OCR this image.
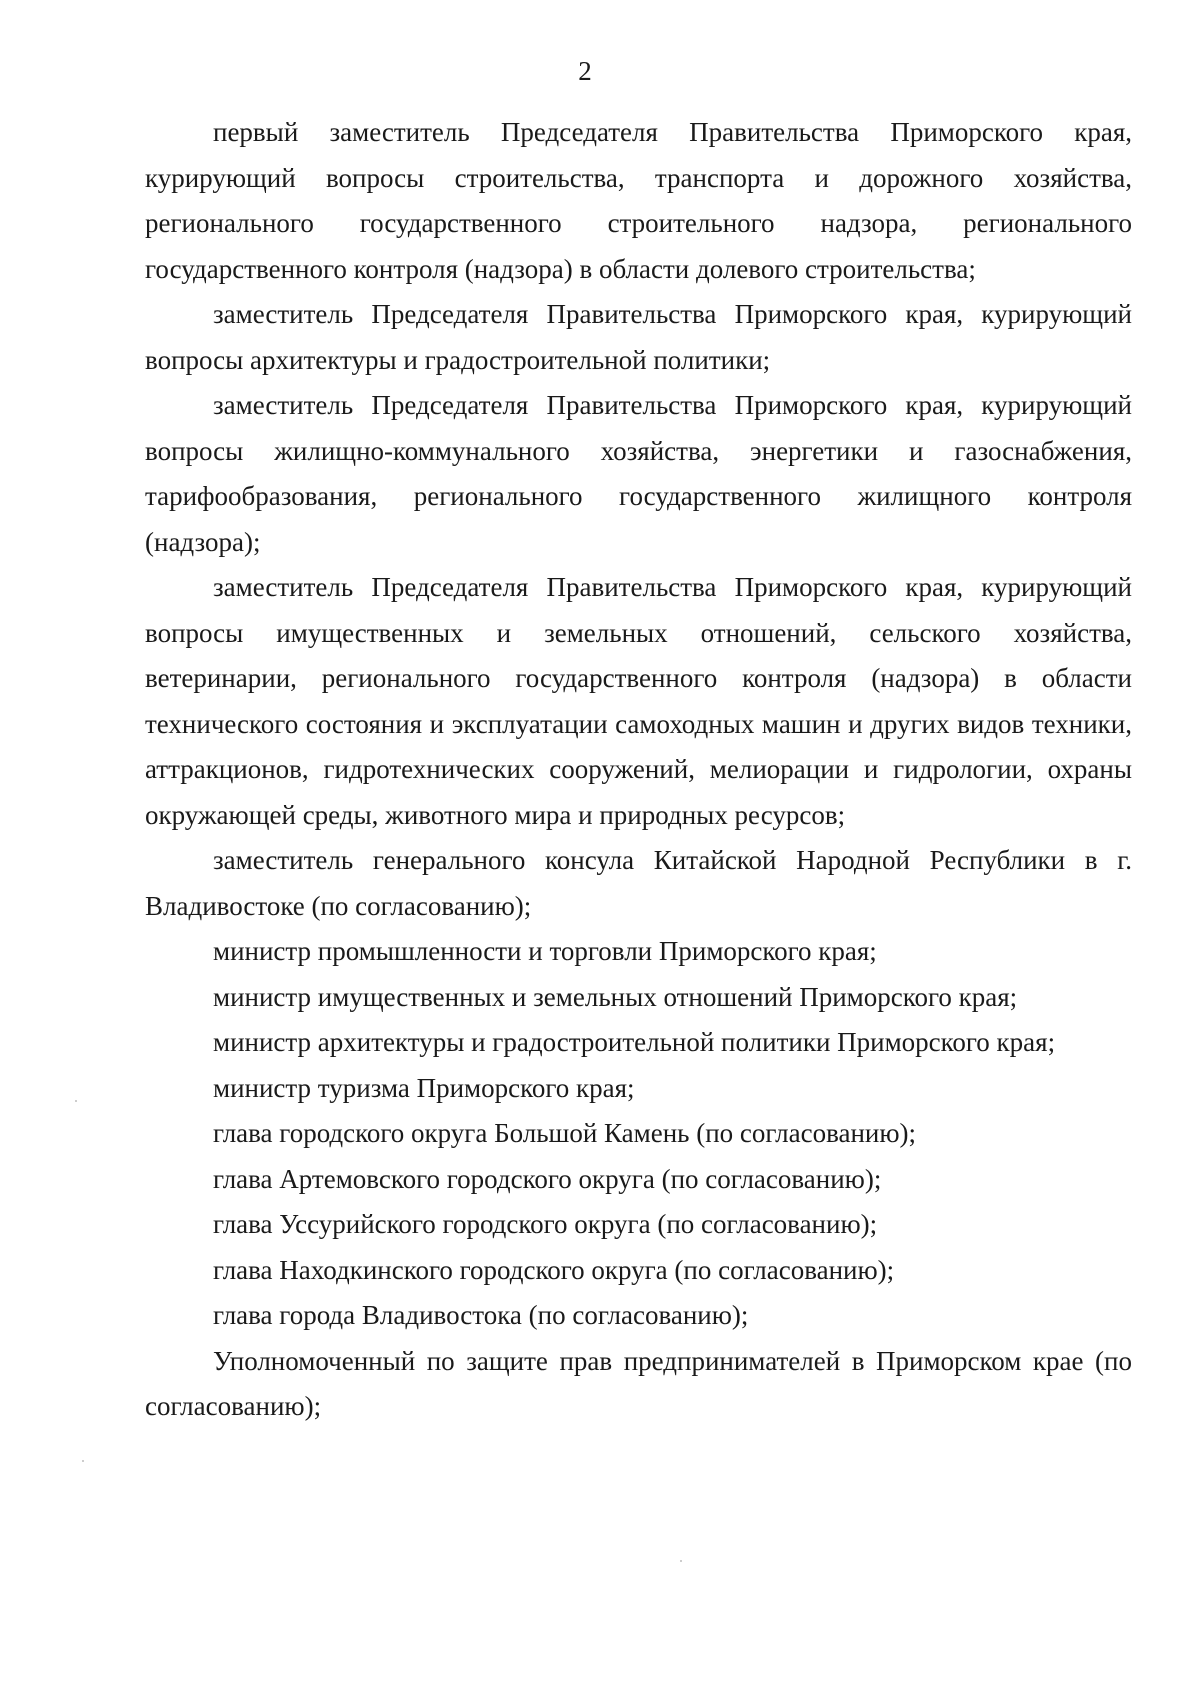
2

первый заместитель Председателя Правительства Приморского края, курирующий вопросы строительства, транспорта и дорожного хозяйства, регионального государственного строительного надзора, регионального государственного контроля (надзора) в области долевого строительства;

заместитель Председателя Правительства Приморского края, курирующий вопросы архитектуры и градостроительной политики;

заместитель Председателя Правительства Приморского края, курирующий вопросы жилищно-коммунального хозяйства, энергетики и газоснабжения, тарифообразования, регионального государственного жилищного контроля (надзора);

заместитель Председателя Правительства Приморского края, курирующий вопросы имущественных и земельных отношений, сельского хозяйства, ветеринарии, регионального государственного контроля (надзора) в области технического состояния и эксплуатации самоходных машин и других видов техники, аттракционов, гидротехнических сооружений, мелиорации и гидрологии, охраны окружающей среды, животного мира и природных ресурсов;

заместитель генерального консула Китайской Народной Республики в г. Владивостоке (по согласованию);

министр промышленности и торговли Приморского края;

министр имущественных и земельных отношений Приморского края;

министр архитектуры и градостроительной политики Приморского края;

министр туризма Приморского края;

глава городского округа Большой Камень (по согласованию);

глава Артемовского городского округа (по согласованию);

глава Уссурийского городского округа (по согласованию);

глава Находкинского городского округа (по согласованию);

глава города Владивостока (по согласованию);

Уполномоченный по защите прав предпринимателей в Приморском крае (по согласованию);
